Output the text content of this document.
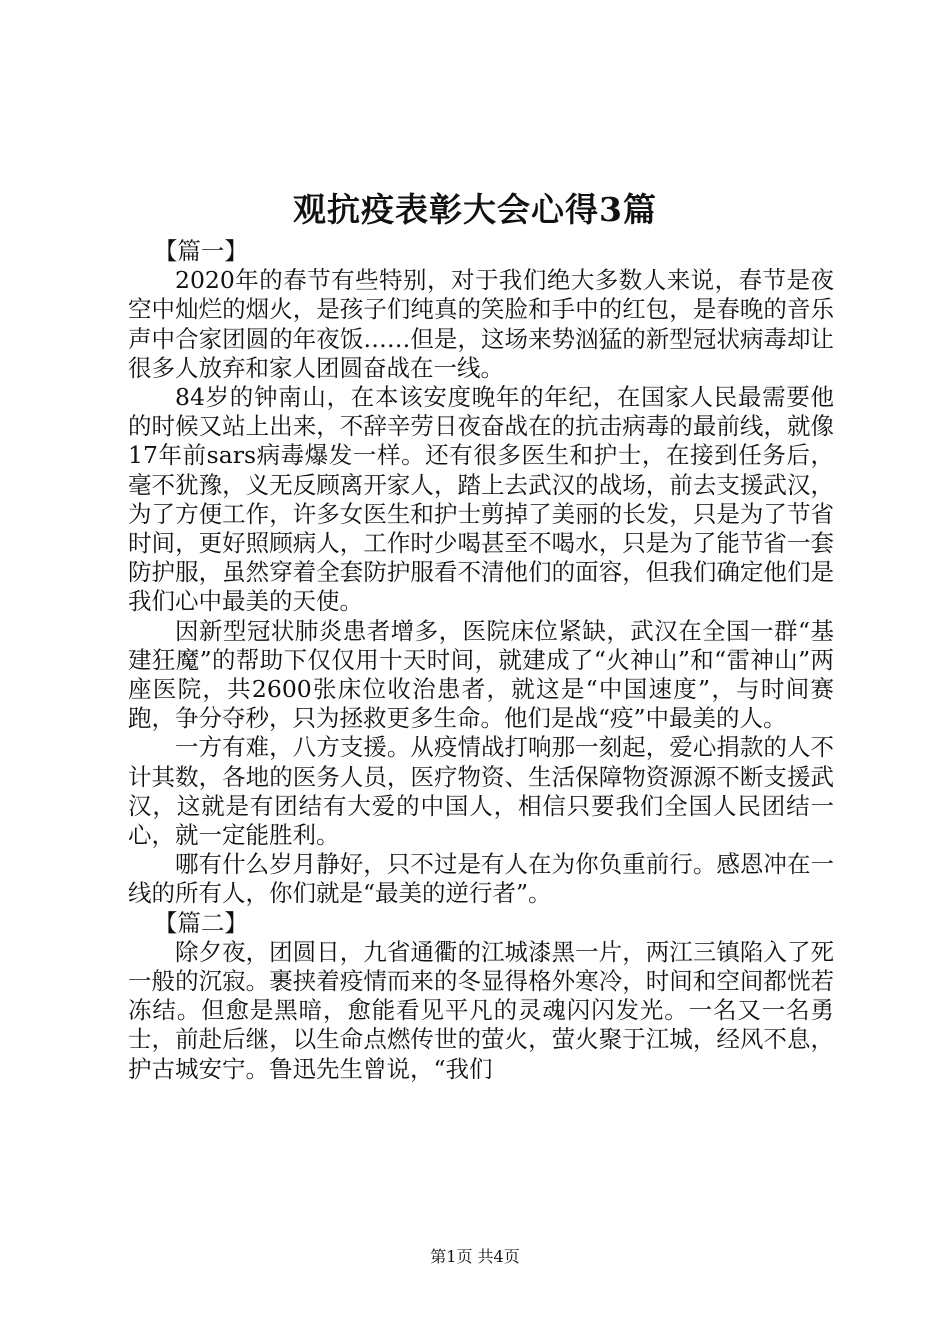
观抗疫表彰大会心得3篇

【篇一】

2020年的春节有些特别，对于我们绝大多数人来说，春节是夜空中灿烂的烟火，是孩子们纯真的笑脸和手中的红包，是春晚的音乐声中合家团圆的年夜饭……但是，这场来势汹猛的新型冠状病毒却让很多人放弃和家人团圆奋战在一线。

84岁的钟南山，在本该安度晚年的年纪，在国家人民最需要他的时候又站上出来，不辞辛劳日夜奋战在的抗击病毒的最前线，就像17年前sars病毒爆发一样。还有很多医生和护士，在接到任务后，毫不犹豫，义无反顾离开家人，踏上去武汉的战场，前去支援武汉，为了方便工作，许多女医生和护士剪掉了美丽的长发，只是为了节省时间，更好照顾病人，工作时少喝甚至不喝水，只是为了能节省一套防护服，虽然穿着全套防护服看不清他们的面容，但我们确定他们是我们心中最美的天使。

因新型冠状肺炎患者增多，医院床位紧缺，武汉在全国一群“基建狂魔”的帮助下仅仅用十天时间，就建成了“火神山”和“雷神山”两座医院，共2600张床位收治患者，就这是“中国速度”，与时间赛跑，争分夺秒，只为拯救更多生命。他们是战“疫”中最美的人。

一方有难，八方支援。从疫情战打响那一刻起，爱心捐款的人不计其数，各地的医务人员，医疗物资、生活保障物资源源不断支援武汉，这就是有团结有大爱的中国人，相信只要我们全国人民团结一心，就一定能胜利。

哪有什么岁月静好，只不过是有人在为你负重前行。感恩冲在一线的所有人，你们就是“最美的逆行者”。

【篇二】

除夕夜，团圆日，九省通衢的江城漆黑一片，两江三镇陷入了死一般的沉寂。裹挟着疫情而来的冬显得格外寒冷，时间和空间都恍若冻结。但愈是黑暗，愈能看见平凡的灵魂闪闪发光。一名又一名勇士，前赴后继，以生命点燃传世的萤火，萤火聚于江城，经风不息，护古城安宁。鲁迅先生曾说，“我们

第1页 共4页
